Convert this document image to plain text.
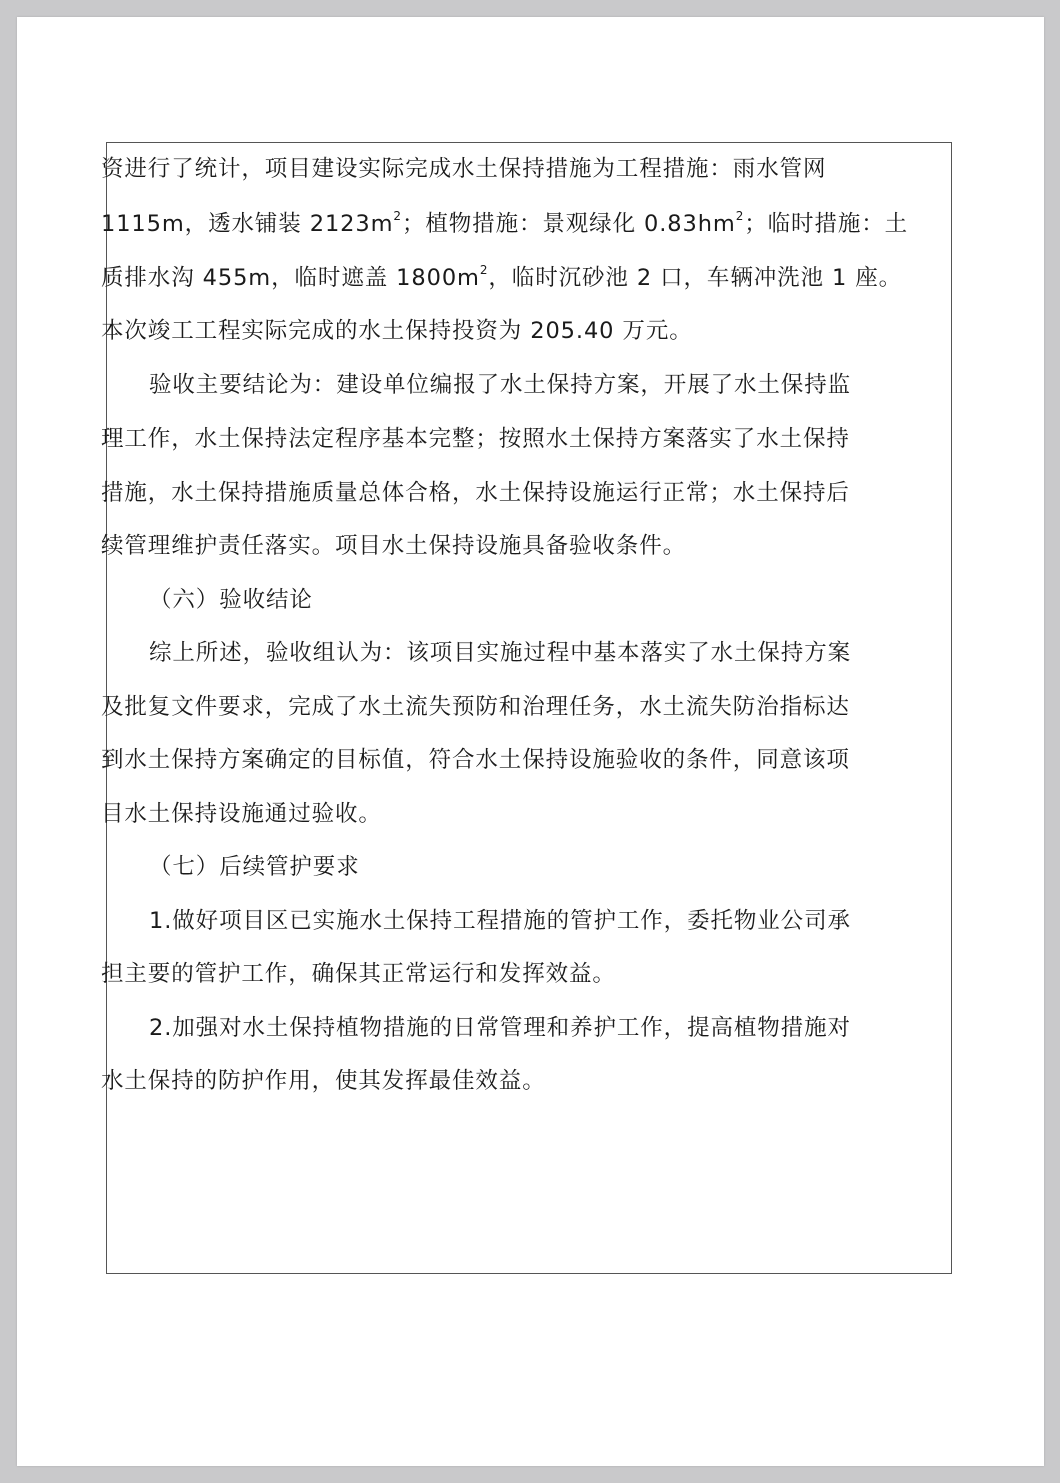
资进行了统计，项目建设实际完成水土保持措施为工程措施：雨水管网

1115m，透水铺装 $2123m^2$；植物措施：景观绿化 $0.83hm^2$；临时措施：土

质排水沟 455m，临时遮盖 $1800m^2$，临时沉砂池 2 口，车辆冲洗池 1 座。

本次竣工工程实际完成的水土保持投资为 205.40 万元。

验收主要结论为：建设单位编报了水土保持方案，开展了水土保持监

理工作，水土保持法定程序基本完整；按照水土保持方案落实了水土保持

措施，水土保持措施质量总体合格，水土保持设施运行正常；水土保持后

续管理维护责任落实。项目水土保持设施具备验收条件。

（六）验收结论

综上所述，验收组认为：该项目实施过程中基本落实了水土保持方案

及批复文件要求，完成了水土流失预防和治理任务，水土流失防治指标达

到水土保持方案确定的目标值，符合水土保持设施验收的条件，同意该项

目水土保持设施通过验收。

（七）后续管护要求

1.做好项目区已实施水土保持工程措施的管护工作，委托物业公司承

担主要的管护工作，确保其正常运行和发挥效益。

2.加强对水土保持植物措施的日常管理和养护工作，提高植物措施对

水土保持的防护作用，使其发挥最佳效益。
